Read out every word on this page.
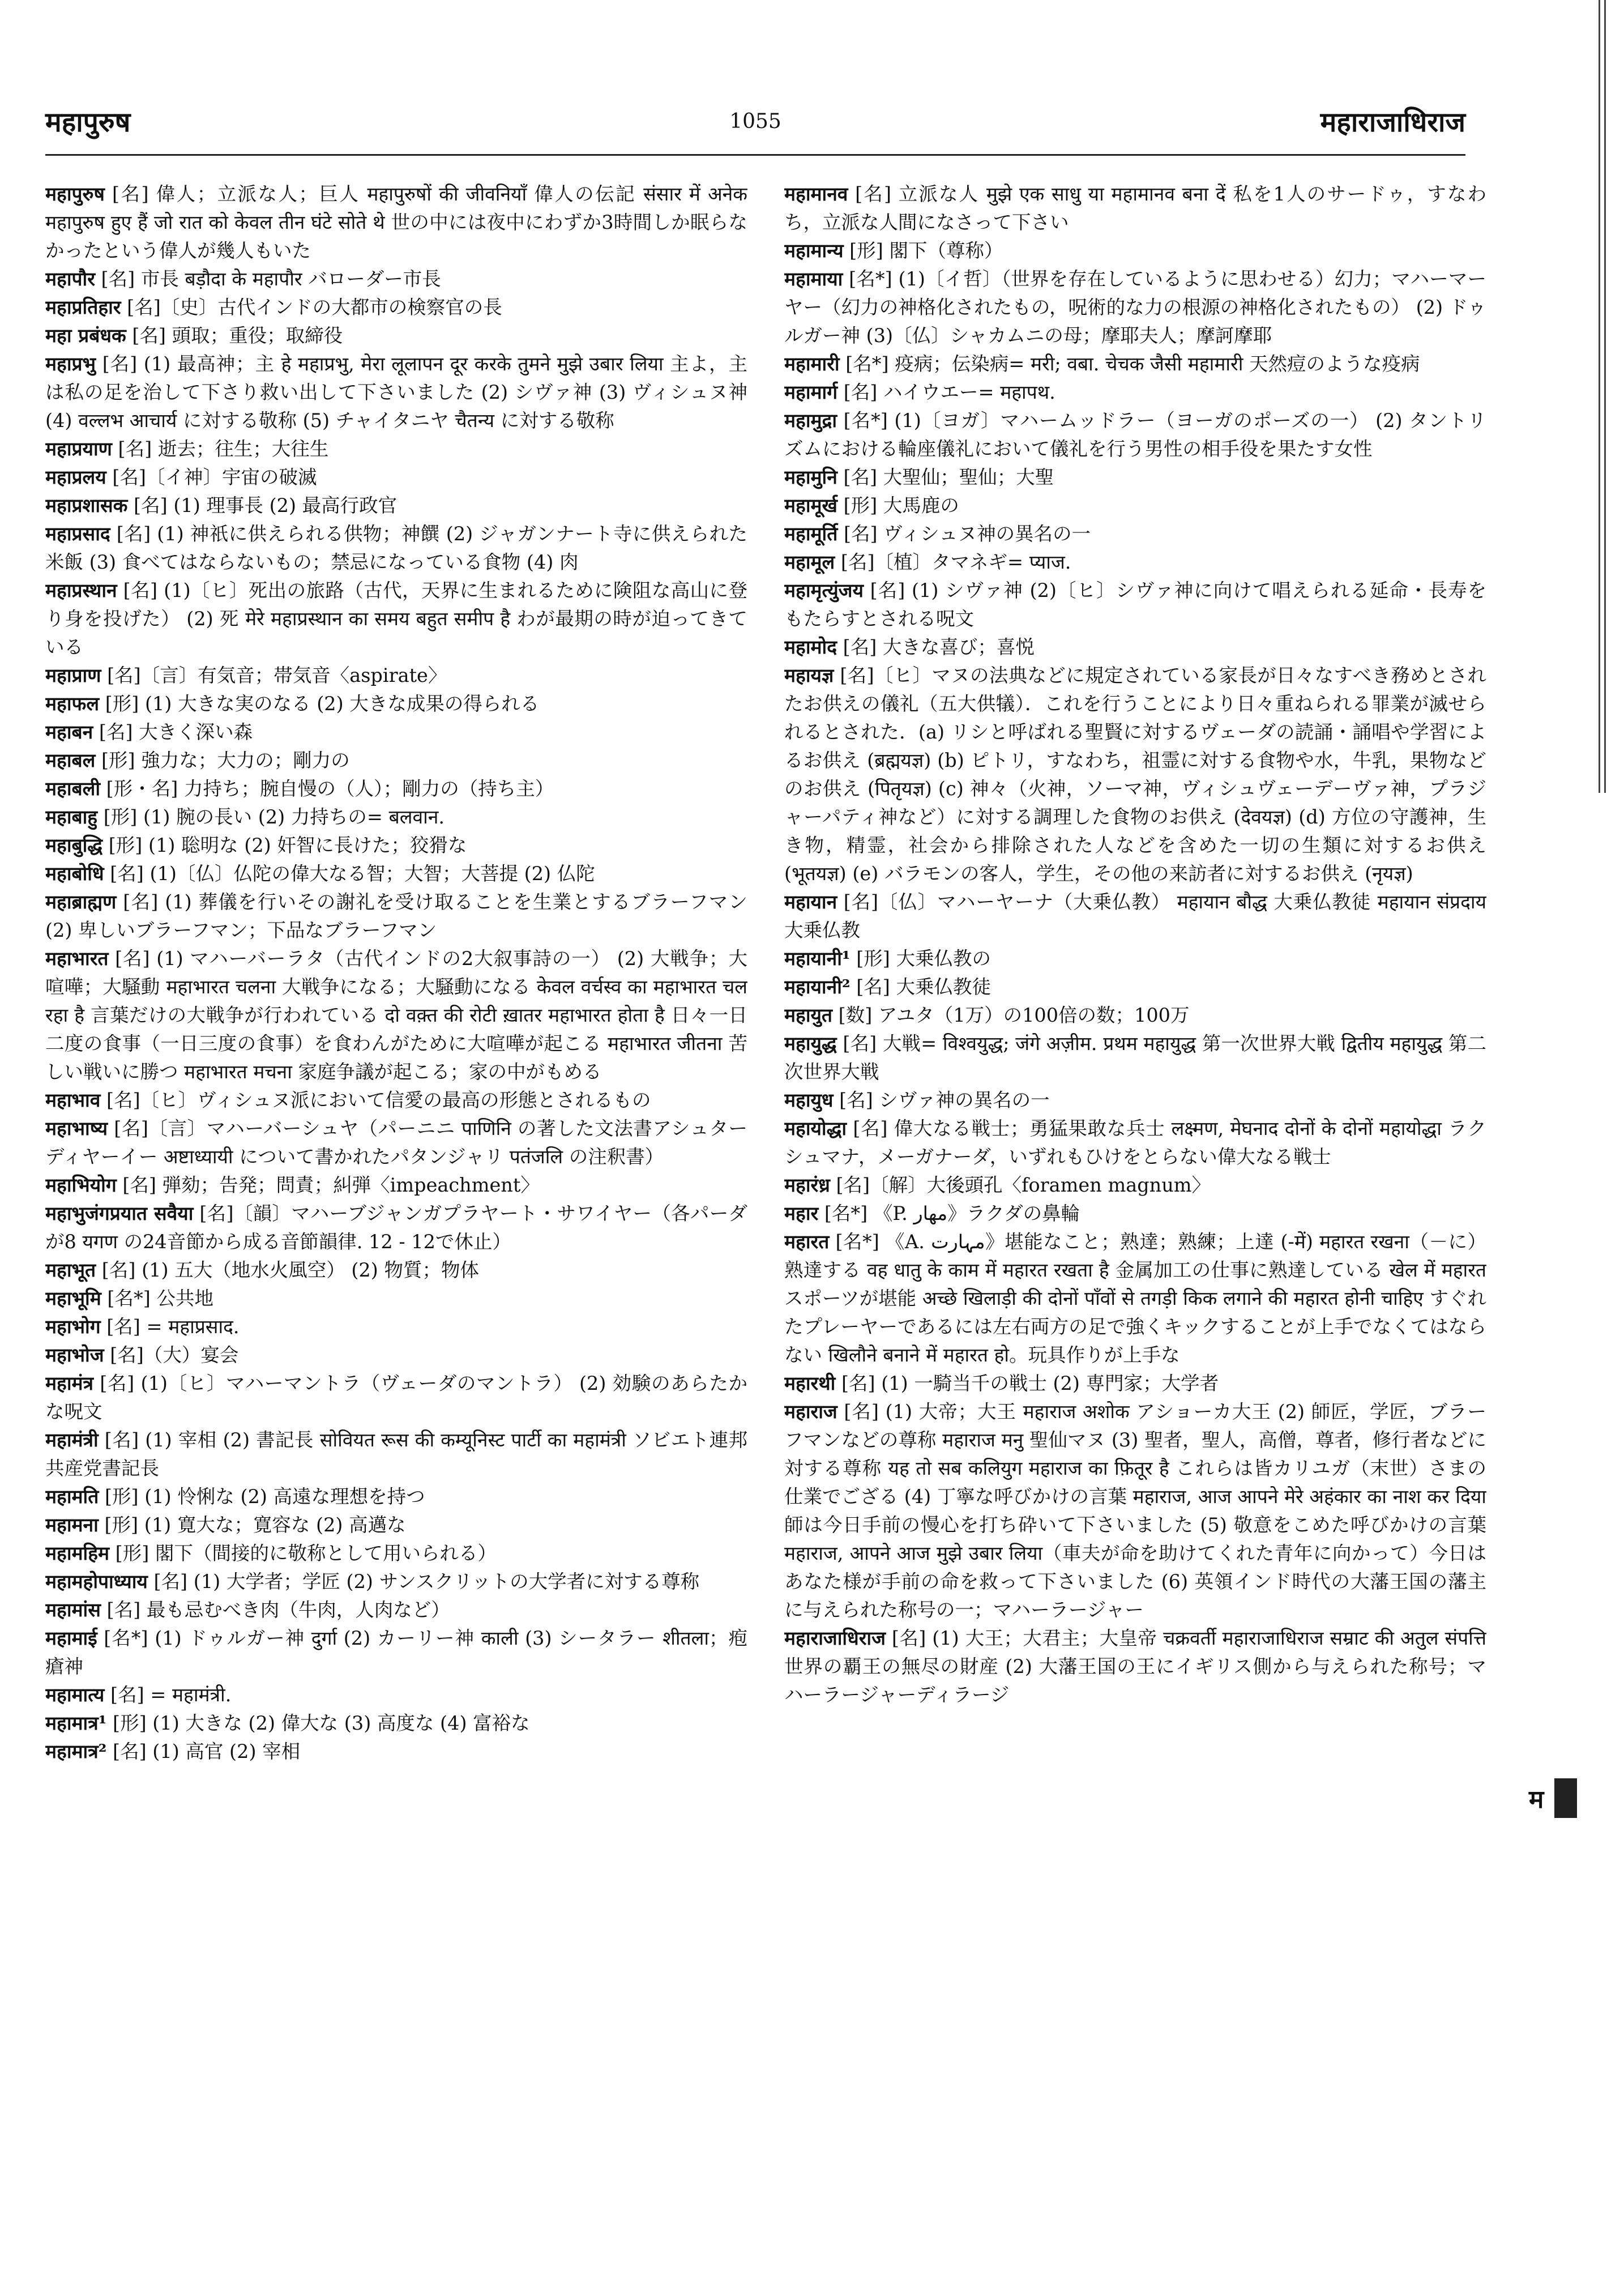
महापुरुष	1055	महाराजाधिराज

महापुरुष [名] 偉人；立派な人；巨人 महापुरुषों की जीवनियाँ 偉人の伝記 संसार में अनेक महापुरुष हुए हैं जो रात को केवल तीन घंटे सोते थे 世の中には夜中にわずか3時間しか眠らなかったという偉人が幾人もいた

महापौर [名] 市長 बड़ौदा के महापौर バローダー市長

महाप्रतिहार [名]〔史〕古代インドの大都市の検察官の長

महा प्रबंधक [名] 頭取；重役；取締役

महाप्रभु [名] (1) 最高神；主 हे महाप्रभु, मेरा लूलापन दूर करके तुमने मुझे उबार लिया 主よ，主は私の足を治して下さり救い出して下さいました (2) シヴァ神 (3) ヴィシュヌ神 (4) वल्लभ आचार्य に対する敬称 (5) チャイタニヤ चैतन्य に対する敬称

महाप्रयाण [名] 逝去；往生；大往生

महाप्रलय [名]〔イ神〕宇宙の破滅

महाप्रशासक [名] (1) 理事長 (2) 最高行政官

महाप्रसाद [名] (1) 神祇に供えられる供物；神饌 (2) ジャガンナート寺に供えられた米飯 (3) 食べてはならないもの；禁忌になっている食物 (4) 肉

महाप्रस्थान [名] (1)〔ヒ〕死出の旅路（古代，天界に生まれるために険阻な高山に登り身を投げた） (2) 死 मेरे महाप्रस्थान का समय बहुत समीप है わが最期の時が迫ってきている

महाप्राण [名]〔言〕有気音；帯気音〈aspirate〉

महाफल [形] (1) 大きな実のなる (2) 大きな成果の得られる

महाबन [名] 大きく深い森

महाबल [形] 強力な；大力の；剛力の

महाबली [形・名] 力持ち；腕自慢の（人）；剛力の（持ち主）

महाबाहु [形] (1) 腕の長い (2) 力持ちの= बलवान.

महाबुद्धि [形] (1) 聡明な (2) 奸智に長けた；狡猾な

महाबोधि [名] (1)〔仏〕仏陀の偉大なる智；大智；大菩提 (2) 仏陀

महाब्राह्मण [名] (1) 葬儀を行いその謝礼を受け取ることを生業とするブラーフマン (2) 卑しいブラーフマン；下品なブラーフマン

महाभारत [名] (1) マハーバーラタ（古代インドの2大叙事詩の一） (2) 大戦争；大喧嘩；大騒動 महाभारत चलना 大戦争になる；大騒動になる केवल वर्चस्व का महाभारत चल रहा है 言葉だけの大戦争が行われている दो वक़्त की रोटी ख़ातर महाभारत होता है 日々一日二度の食事（一日三度の食事）を食わんがために大喧嘩が起こる महाभारत जीतना 苦しい戦いに勝つ महाभारत मचना 家庭争議が起こる；家の中がもめる

महाभाव [名]〔ヒ〕ヴィシュヌ派において信愛の最高の形態とされるもの

महाभाष्य [名]〔言〕マハーバーシュヤ（パーニニ पाणिनि の著した文法書アシュターディヤーイー अष्टाध्यायी について書かれたパタンジャリ पतंजलि の注釈書）

महाभियोग [名] 弾劾；告発；問責；糾弾〈impeachment〉

महाभुजंगप्रयात सवैया [名]〔韻〕マハーブジャンガプラヤート・サワイヤー（各パーダが8 यगण の24音節から成る音節韻律. 12 - 12で休止）

महाभूत [名] (1) 五大（地水火風空） (2) 物質；物体

महाभूमि [名*] 公共地

महाभोग [名] = महाप्रसाद.

महाभोज [名]（大）宴会

महामंत्र [名] (1)〔ヒ〕マハーマントラ（ヴェーダのマントラ） (2) 効験のあらたかな呪文

महामंत्री [名] (1) 宰相 (2) 書記長 सोवियत रूस की कम्यूनिस्ट पार्टी का महामंत्री ソビエト連邦共産党書記長

महामति [形] (1) 怜悧な (2) 高遠な理想を持つ

महामना [形] (1) 寛大な；寛容な (2) 高邁な

महामहिम [形] 閣下（間接的に敬称として用いられる）

महामहोपाध्याय [名] (1) 大学者；学匠 (2) サンスクリットの大学者に対する尊称

महामांस [名] 最も忌むべき肉（牛肉，人肉など）

महामाई [名*] (1) ドゥルガー神 दुर्गा (2) カーリー神 काली (3) シータラー शीतला；疱瘡神

महामात्य [名] = महामंत्री.

महामात्र¹ [形] (1) 大きな (2) 偉大な (3) 高度な (4) 富裕な

महामात्र² [名] (1) 高官 (2) 宰相

महामानव [名] 立派な人 मुझे एक साधु या महामानव बना दें 私を1人のサードゥ，すなわち，立派な人間になさって下さい

महामान्य [形] 閣下（尊称）

महामाया [名*] (1)〔イ哲〕（世界を存在しているように思わせる）幻力；マハーマーヤー（幻力の神格化されたもの，呪術的な力の根源の神格化されたもの） (2) ドゥルガー神 (3)〔仏〕シャカムニの母；摩耶夫人；摩訶摩耶

महामारी [名*] 疫病；伝染病= मरी; वबा. चेचक जैसी महामारी 天然痘のような疫病

महामार्ग [名] ハイウエー= महापथ.

महामुद्रा [名*] (1)〔ヨガ〕マハームッドラー（ヨーガのポーズの一） (2) タントリズムにおける輪座儀礼において儀礼を行う男性の相手役を果たす女性

महामुनि [名] 大聖仙；聖仙；大聖

महामूर्ख [形] 大馬鹿の

महामूर्ति [名] ヴィシュヌ神の異名の一

महामूल [名]〔植〕タマネギ= प्याज.

महामृत्युंजय [名] (1) シヴァ神 (2)〔ヒ〕シヴァ神に向けて唱えられる延命・長寿をもたらすとされる呪文

महामोद [名] 大きな喜び；喜悦

महायज्ञ [名]〔ヒ〕マヌの法典などに規定されている家長が日々なすべき務めとされたお供えの儀礼（五大供犠）．これを行うことにより日々重ねられる罪業が滅せられるとされた．(a) リシと呼ばれる聖賢に対するヴェーダの読誦・誦唱や学習によるお供え (ब्रह्मयज्ञ) (b) ピトリ，すなわち，祖霊に対する食物や水，牛乳，果物などのお供え (पितृयज्ञ) (c) 神々（火神，ソーマ神，ヴィシュヴェーデーヴァ神，プラジャーパティ神など）に対する調理した食物のお供え (देवयज्ञ) (d) 方位の守護神，生き物，精霊，社会から排除された人などを含めた一切の生類に対するお供え (भूतयज्ञ) (e) バラモンの客人，学生，その他の来訪者に対するお供え (नृयज्ञ)

महायान [名]〔仏〕マハーヤーナ（大乗仏教） महायान बौद्ध 大乗仏教徒 महायान संप्रदाय 大乗仏教

महायानी¹ [形] 大乗仏教の

महायानी² [名] 大乗仏教徒

महायुत [数] アユタ（1万）の100倍の数；100万

महायुद्ध [名] 大戦= विश्वयुद्ध; जंगे अज़ीम. प्रथम महायुद्ध 第一次世界大戦 द्वितीय महायुद्ध 第二次世界大戦

महायुध [名] シヴァ神の異名の一

महायोद्धा [名] 偉大なる戦士；勇猛果敢な兵士 लक्ष्मण, मेघनाद दोनों के दोनों महायोद्धा ラクシュマナ，メーガナーダ，いずれもひけをとらない偉大なる戦士

महारंध्र [名]〔解〕大後頭孔〈foramen magnum〉

महार [名*] 《P. مهار》ラクダの鼻輪

महारत [名*] 《A. مہارت》堪能なこと；熟達；熟練；上達 (-में) महारत रखना（－に）熟達する वह धातु के काम में महारत रखता है 金属加工の仕事に熟達している खेल में महारत スポーツが堪能 अच्छे खिलाड़ी की दोनों पाँवों से तगड़ी किक लगाने की महारत होनी चाहिए すぐれたプレーヤーであるには左右両方の足で強くキックすることが上手でなくてはならない खिलौने बनाने में महारत हो。玩具作りが上手な

महारथी [名] (1) 一騎当千の戦士 (2) 専門家；大学者

महाराज [名] (1) 大帝；大王 महाराज अशोक アショーカ大王 (2) 師匠，学匠，ブラーフマンなどの尊称 महाराज मनु 聖仙マヌ (3) 聖者，聖人，高僧，尊者，修行者などに対する尊称 यह तो सब कलियुग महाराज का फ़ितूर है これらは皆カリユガ（末世）さまの仕業でござる (4) 丁寧な呼びかけの言葉 महाराज, आज आपने मेरे अहंकार का नाश कर दिया 師は今日手前の慢心を打ち砕いて下さいました (5) 敬意をこめた呼びかけの言葉 महाराज, आपने आज मुझे उबार लिया（車夫が命を助けてくれた青年に向かって）今日はあなた様が手前の命を救って下さいました (6) 英領インド時代の大藩王国の藩主に与えられた称号の一；マハーラージャー

महाराजाधिराज [名] (1) 大王；大君主；大皇帝 चक्रवर्ती महाराजाधिराज सम्राट की अतुल संपत्ति 世界の覇王の無尽の財産 (2) 大藩王国の王にイギリス側から与えられた称号；マハーラージャーディラージ

म
